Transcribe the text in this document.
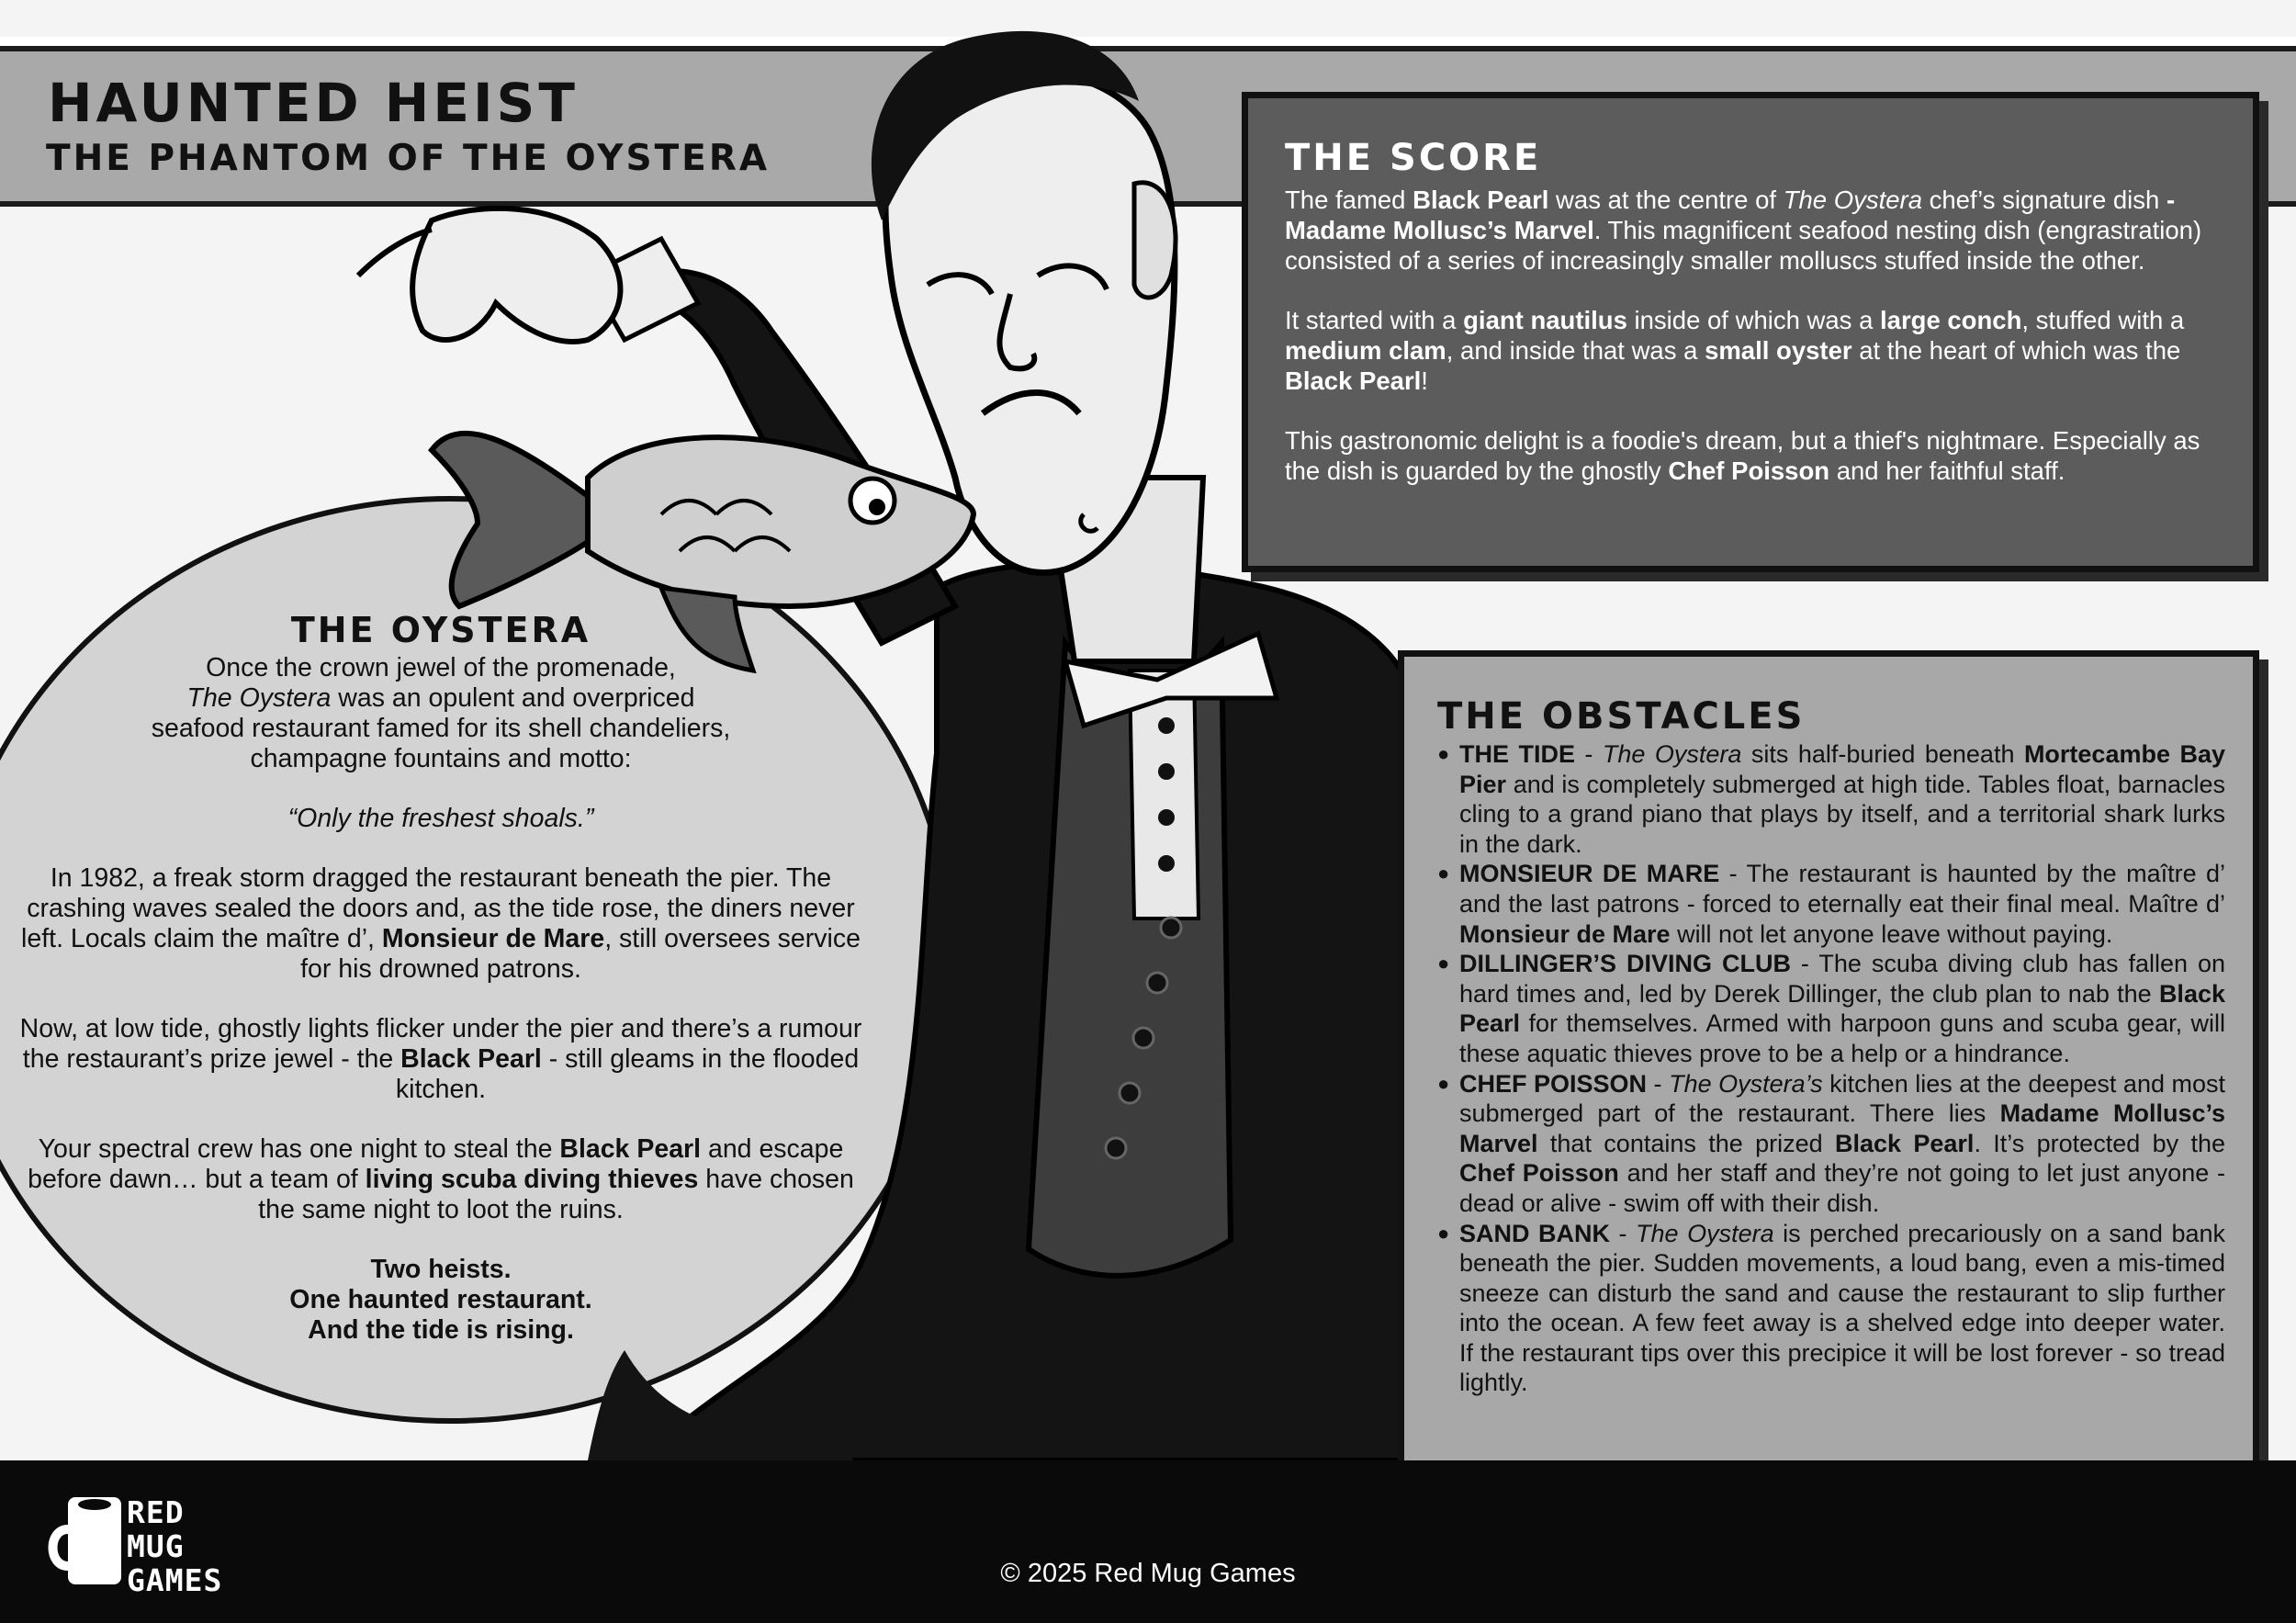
HAUNTED HEIST
THE PHANTOM OF THE OYSTERA
THE OYSTERA

Once the crown jewel of the promenade,
The Oystera was an opulent and overpriced
seafood restaurant famed for its shell chandeliers,
champagne fountains and motto:

“Only the freshest shoals.”

In 1982, a freak storm dragged the restaurant beneath the pier. The crashing waves sealed the doors and, as the tide rose, the diners never left. Locals claim the maître d’, Monsieur de Mare, still oversees service for his drowned patrons.

Now, at low tide, ghostly lights flicker under the pier and there’s a rumour the restaurant’s prize jewel - the Black Pearl - still gleams in the flooded kitchen.

Your spectral crew has one night to steal the Black Pearl and escape before dawn… but a team of living scuba diving thieves have chosen the same night to loot the ruins.

Two heists.
One haunted restaurant.
And the tide is rising.

THE SCORE

The famed Black Pearl was at the centre of The Oystera chef’s signature dish - Madame Mollusc’s Marvel. This magnificent seafood nesting dish (engrastration) consisted of a series of increasingly smaller molluscs stuffed inside the other.

It started with a giant nautilus inside of which was a large conch, stuffed with a medium clam, and inside that was a small oyster at the heart of which was the Black Pearl!

This gastronomic delight is a foodie's dream, but a thief's nightmare. Especially as the dish is guarded by the ghostly Chef Poisson and her faithful staff.

THE OBSTACLES
● THE TIDE - The Oystera sits half-buried beneath Mortecambe Bay Pier and is completely submerged at high tide. Tables float, barnacles cling to a grand piano that plays by itself, and a territorial shark lurks in the dark.
● MONSIEUR DE MARE - The restaurant is haunted by the maître d’ and the last patrons - forced to eternally eat their final meal. Maître d’ Monsieur de Mare will not let anyone leave without paying.
● DILLINGER’S DIVING CLUB - The scuba diving club has fallen on hard times and, led by Derek Dillinger, the club plan to nab the Black Pearl for themselves. Armed with harpoon guns and scuba gear, will these aquatic thieves prove to be a help or a hindrance.
● CHEF POISSON - The Oystera’s kitchen lies at the deepest and most submerged part of the restaurant. There lies Madame Mollusc’s Marvel that contains the prized Black Pearl. It’s protected by the Chef Poisson and her staff and they’re not going to let just anyone - dead or alive - swim off with their dish.
● SAND BANK - The Oystera is perched precariously on a sand bank beneath the pier. Sudden movements, a loud bang, even a mis-timed sneeze can disturb the sand and cause the restaurant to slip further into the ocean. A few feet away is a shelved edge into deeper water. If the restaurant tips over this precipice it will be lost forever - so tread lightly.
RED
MUG
GAMES	© 2025 Red Mug Games
